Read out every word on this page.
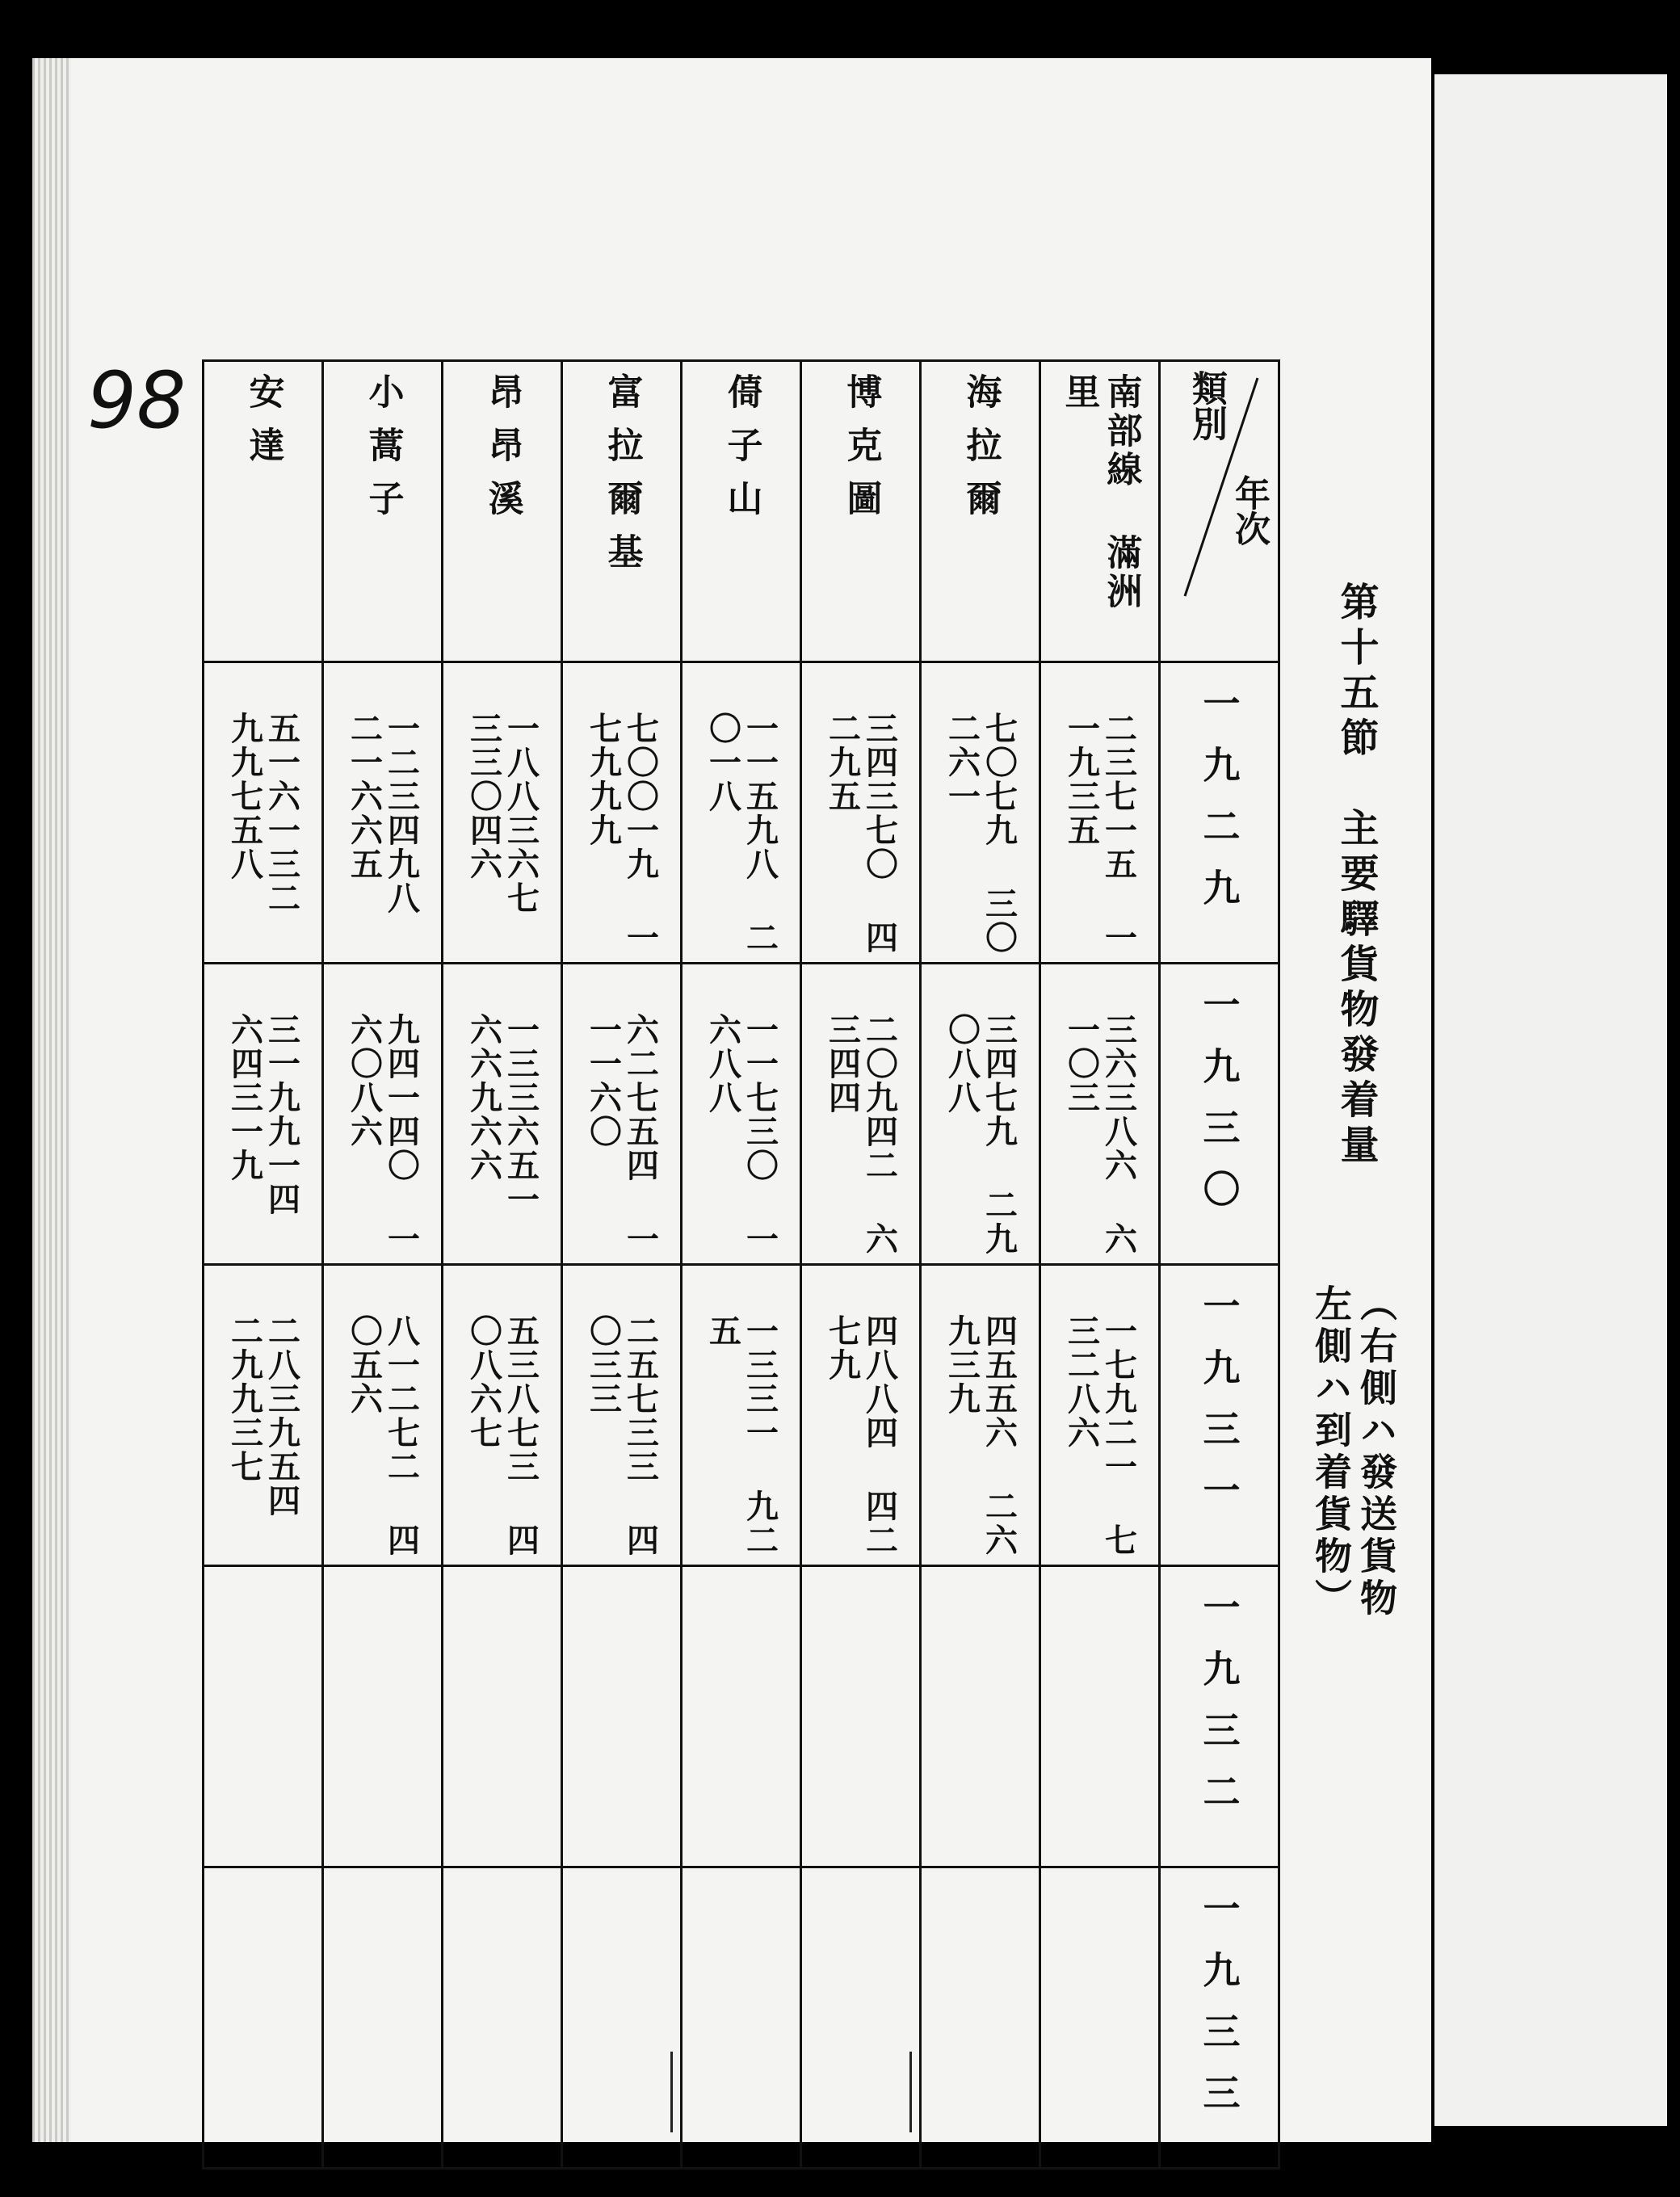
98
第十五節　主要驛貨物發着量
（右側ハ發送貨物
左側ハ到着貨物）
安達	小蒿子	昂昂溪	富拉爾基	㑸子山	博克圖	海拉爾	南部線 滿洲里	類別
年次

五一六一三二 九九七五八	一二三四九八 二一六六五	一八八三六七 三三〇四六	七〇〇一九 一七九九九	一一五九八 二〇一八	三四三七〇 四二九五	七〇七九 三〇二六一	二三七一五 一一九三五	一九二九

三一九九一四 六四三一九	九四一四〇 一六〇八六	一三三六五一 六六九六六	六二七五四 一一一六〇	一一七三〇 一六八八	二〇九四二 六三四四	三四七九 二九〇八八	三六三八六 六一〇三	一九三〇

二八三九五四 二九九三七	八一二七二 四〇五六	五三八七三 四〇八六七	二五七三三 四〇三三	一三三一 九二五	四八八四 四二七九	四五五六 二六九三九	一七九二一 七三二八六	一九三一

								一九三二

								一九三三
